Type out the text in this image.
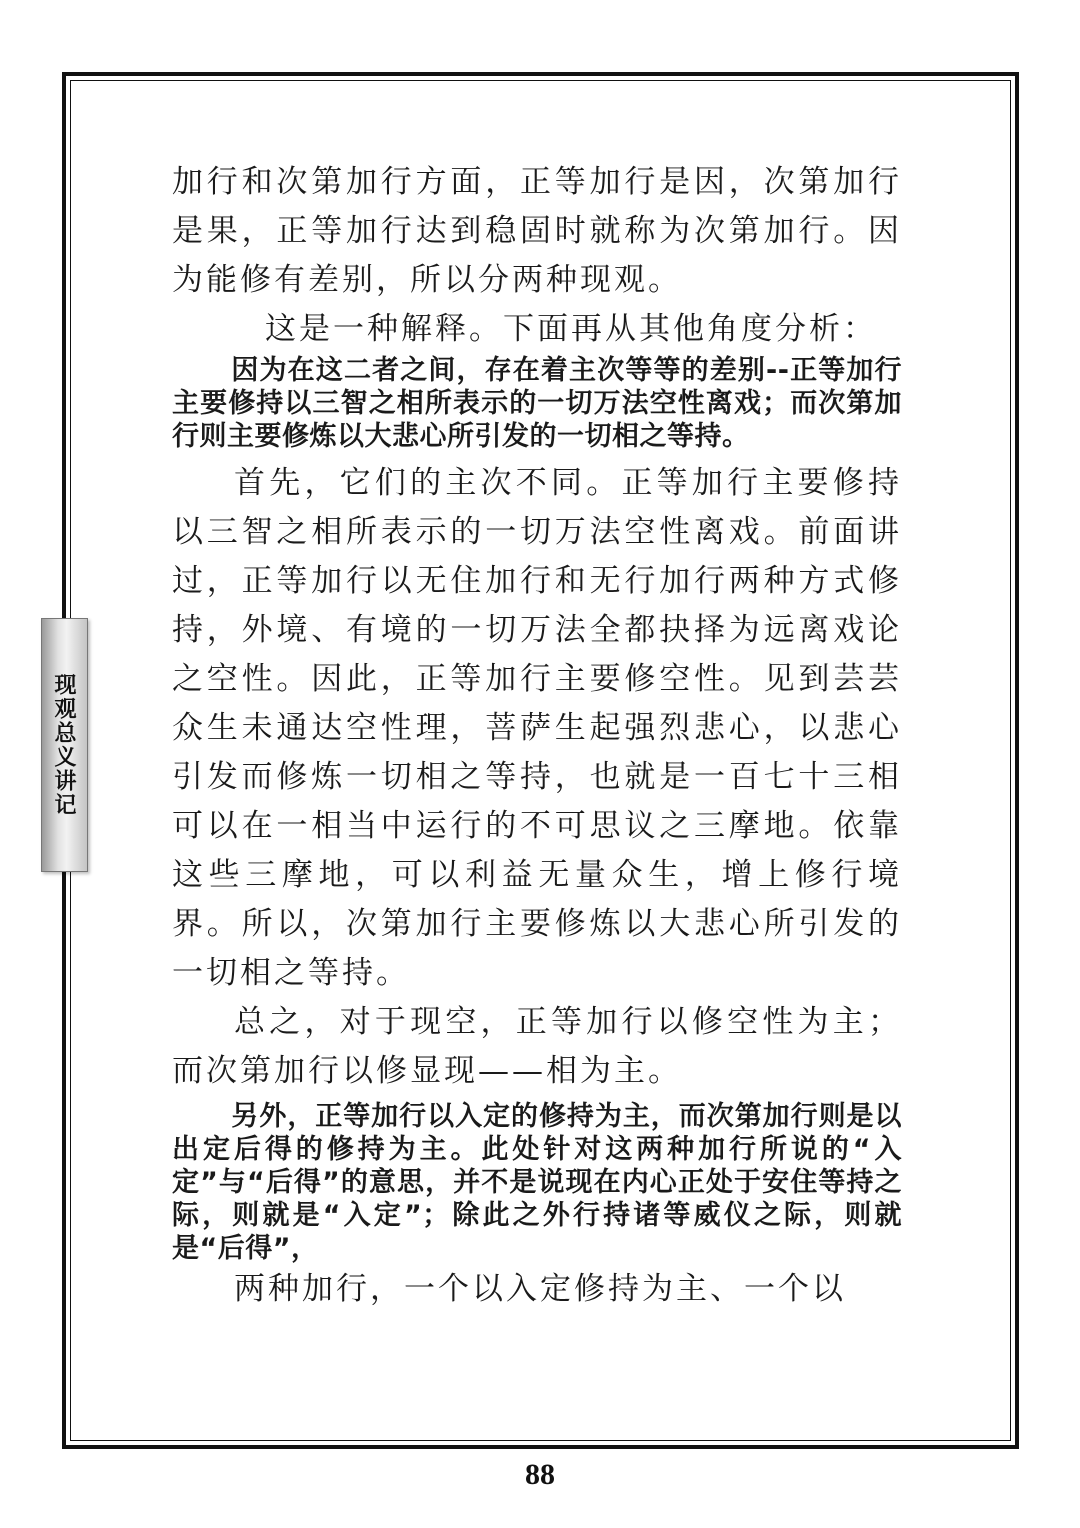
现观总义讲记

加行和次第加行方面，正等加行是因，次第加行是果，正等加行达到稳固时就称为次第加行。因为能修有差别，所以分两种现观。

这是一种解释。下面再从其他角度分析：

因为在这二者之间，存在着主次等等的差别--正等加行主要修持以三智之相所表示的一切万法空性离戏；而次第加行则主要修炼以大悲心所引发的一切相之等持。

首先，它们的主次不同。正等加行主要修持以三智之相所表示的一切万法空性离戏。前面讲过，正等加行以无住加行和无行加行两种方式修持，外境、有境的一切万法全都抉择为远离戏论之空性。因此，正等加行主要修空性。见到芸芸众生未通达空性理，菩萨生起强烈悲心，以悲心引发而修炼一切相之等持，也就是一百七十三相可以在一相当中运行的不可思议之三摩地。依靠这些三摩地，可以利益无量众生，增上修行境界。所以，次第加行主要修炼以大悲心所引发的一切相之等持。

总之，对于现空，正等加行以修空性为主；而次第加行以修显现——相为主。

另外，正等加行以入定的修持为主，而次第加行则是以出定后得的修持为主。此处针对这两种加行所说的“入定”与“后得”的意思，并不是说现在内心正处于安住等持之际，则就是“入定”；除此之外行持诸等威仪之际，则就是“后得”，

两种加行，一个以入定修持为主、一个以

88
